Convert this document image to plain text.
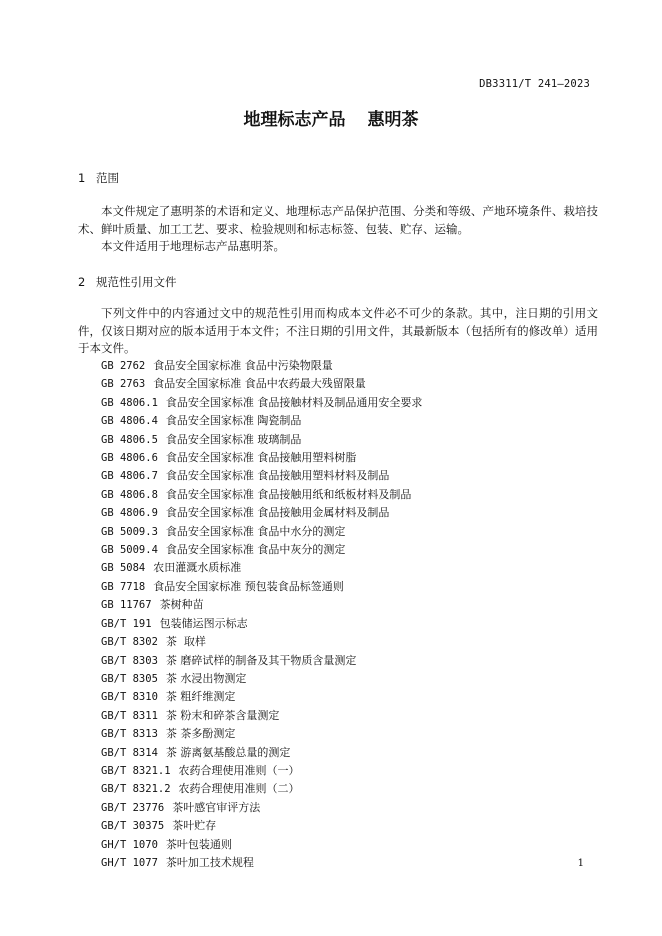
DB3311/T 241—2023
地理标志产品 惠明茶
1 范围

本文件规定了惠明茶的术语和定义、地理标志产品保护范围、分类和等级、产地环境条件、栽培技术、鲜叶质量、加工工艺、要求、检验规则和标志标签、包装、贮存、运输。

本文件适用于地理标志产品惠明茶。

2 规范性引用文件

下列文件中的内容通过文中的规范性引用而构成本文件必不可少的条款。其中，注日期的引用文件，仅该日期对应的版本适用于本文件；不注日期的引用文件，其最新版本（包括所有的修改单）适用于本文件。

GB 2762 食品安全国家标准 食品中污染物限量
GB 2763 食品安全国家标准 食品中农药最大残留限量
GB 4806.1 食品安全国家标准 食品接触材料及制品通用安全要求
GB 4806.4 食品安全国家标准 陶瓷制品
GB 4806.5 食品安全国家标准 玻璃制品
GB 4806.6 食品安全国家标准 食品接触用塑料树脂
GB 4806.7 食品安全国家标准 食品接触用塑料材料及制品
GB 4806.8 食品安全国家标准 食品接触用纸和纸板材料及制品
GB 4806.9 食品安全国家标准 食品接触用金属材料及制品
GB 5009.3 食品安全国家标准 食品中水分的测定
GB 5009.4 食品安全国家标准 食品中灰分的测定
GB 5084 农田灌溉水质标准
GB 7718 食品安全国家标准 预包装食品标签通则
GB 11767 茶树种苗
GB/T 191 包装储运图示标志
GB/T 8302 茶  取样
GB/T 8303 茶 磨碎试样的制备及其干物质含量测定
GB/T 8305 茶 水浸出物测定
GB/T 8310 茶 粗纤维测定
GB/T 8311 茶 粉末和碎茶含量测定
GB/T 8313 茶 茶多酚测定
GB/T 8314 茶 游离氨基酸总量的测定
GB/T 8321.1 农药合理使用准则（一）
GB/T 8321.2 农药合理使用准则（二）
GB/T 23776 茶叶感官审评方法
GB/T 30375 茶叶贮存
GH/T 1070 茶叶包装通则
GH/T 1077 茶叶加工技术规程	1
